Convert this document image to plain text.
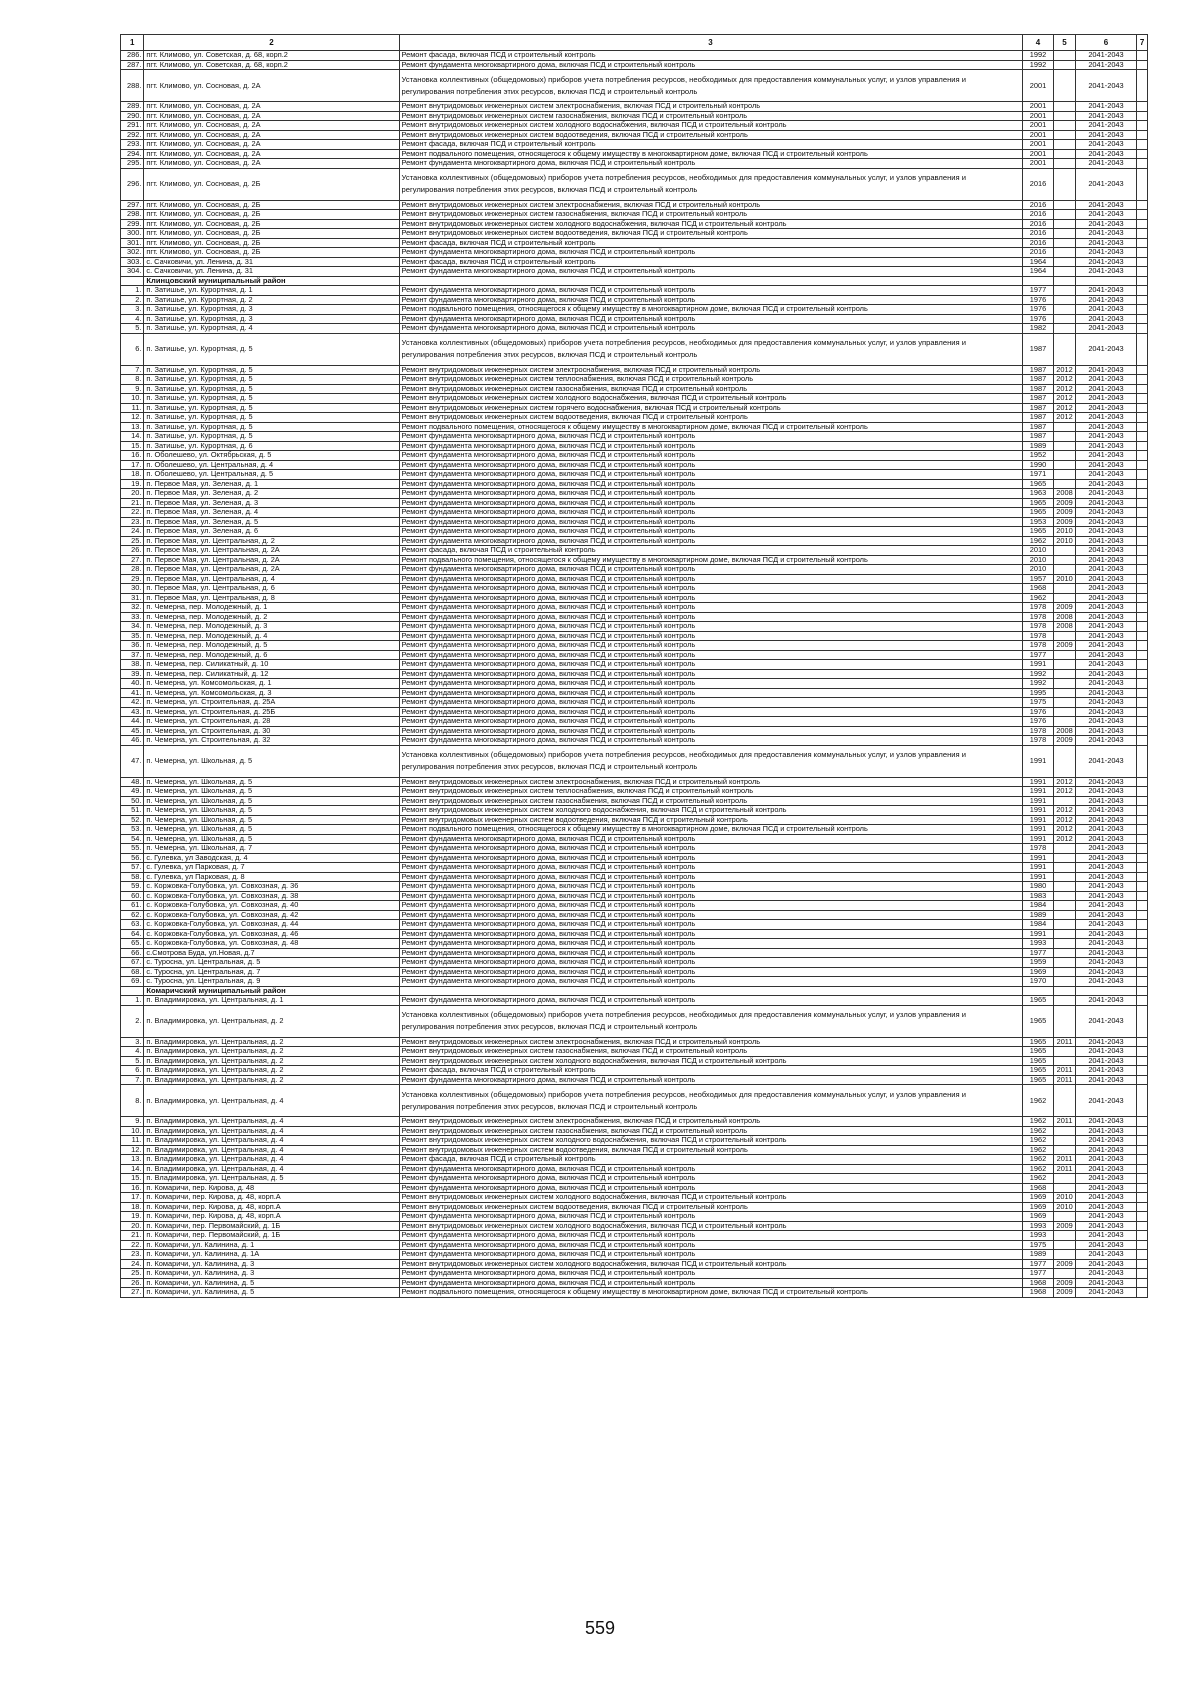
1	2	3	4	5	6	7
286.	пгт. Климово, ул. Советская, д. 68, корп.2	Ремонт фасада, включая ПСД и строительный контроль	1992		2041-2043	
287.	пгт. Климово, ул. Советская, д. 68, корп.2	Ремонт фундамента многоквартирного дома, включая ПСД и строительный контроль	1992		2041-2043	
288.	пгт. Климово, ул. Сосновая, д. 2А	Установка коллективных (общедомовых) приборов учета потребления ресурсов, необходимых для предоставления коммунальных услуг, и узлов управления и регулирования потребления этих ресурсов, включая ПСД и строительный контроль	2001		2041-2043	
289.	пгт. Климово, ул. Сосновая, д. 2А	Ремонт внутридомовых инженерных систем электроснабжения, включая ПСД и строительный контроль	2001		2041-2043	
290.	пгт. Климово, ул. Сосновая, д. 2А	Ремонт внутридомовых инженерных систем газоснабжения, включая ПСД и строительный контроль	2001		2041-2043	
291.	пгт. Климово, ул. Сосновая, д. 2А	Ремонт внутридомовых инженерных систем холодного водоснабжения, включая ПСД и строительный контроль	2001		2041-2043	
292.	пгт. Климово, ул. Сосновая, д. 2А	Ремонт внутридомовых инженерных систем водоотведения, включая ПСД и строительный контроль	2001		2041-2043	
293.	пгт. Климово, ул. Сосновая, д. 2А	Ремонт фасада, включая ПСД и строительный контроль	2001		2041-2043	
294.	пгт. Климово, ул. Сосновая, д. 2А	Ремонт подвального помещения, относящегося к общему имуществу в многоквартирном доме, включая ПСД и строительный контроль	2001		2041-2043	
295.	пгт. Климово, ул. Сосновая, д. 2А	Ремонт фундамента многоквартирного дома, включая ПСД и строительный контроль	2001		2041-2043	
296.	пгт. Климово, ул. Сосновая, д. 2Б	Установка коллективных (общедомовых) приборов учета потребления ресурсов, необходимых для предоставления коммунальных услуг, и узлов управления и регулирования потребления этих ресурсов, включая ПСД и строительный контроль	2016		2041-2043	
297.	пгт. Климово, ул. Сосновая, д. 2Б	Ремонт внутридомовых инженерных систем электроснабжения, включая ПСД и строительный контроль	2016		2041-2043	
298.	пгт. Климово, ул. Сосновая, д. 2Б	Ремонт внутридомовых инженерных систем газоснабжения, включая ПСД и строительный контроль	2016		2041-2043	
299.	пгт. Климово, ул. Сосновая, д. 2Б	Ремонт внутридомовых инженерных систем холодного водоснабжения, включая ПСД и строительный контроль	2016		2041-2043	
300.	пгт. Климово, ул. Сосновая, д. 2Б	Ремонт внутридомовых инженерных систем водоотведения, включая ПСД и строительный контроль	2016		2041-2043	
301.	пгт. Климово, ул. Сосновая, д. 2Б	Ремонт фасада, включая ПСД и строительный контроль	2016		2041-2043	
302.	пгт. Климово, ул. Сосновая, д. 2Б	Ремонт фундамента многоквартирного дома, включая ПСД и строительный контроль	2016		2041-2043	
303.	с. Сачковичи, ул. Ленина, д. 31	Ремонт фасада, включая ПСД и строительный контроль	1964		2041-2043	
304.	с. Сачковичи, ул. Ленина, д. 31	Ремонт фундамента многоквартирного дома, включая ПСД и строительный контроль	1964		2041-2043	
	Клинцовский муниципальный район					
1.	п. Затишье, ул. Курортная, д. 1	Ремонт фундамента многоквартирного дома, включая ПСД и строительный контроль	1977		2041-2043	
2.	п. Затишье, ул. Курортная, д. 2	Ремонт фундамента многоквартирного дома, включая ПСД и строительный контроль	1976		2041-2043	
3.	п. Затишье, ул. Курортная, д. 3	Ремонт подвального помещения, относящегося к общему имуществу в многоквартирном доме, включая ПСД и строительный контроль	1976		2041-2043	
4.	п. Затишье, ул. Курортная, д. 3	Ремонт фундамента многоквартирного дома, включая ПСД и строительный контроль	1976		2041-2043	
5.	п. Затишье, ул. Курортная, д. 4	Ремонт фундамента многоквартирного дома, включая ПСД и строительный контроль	1982		2041-2043	
6.	п. Затишье, ул. Курортная, д. 5	Установка коллективных (общедомовых) приборов учета потребления ресурсов, необходимых для предоставления коммунальных услуг, и узлов управления и регулирования потребления этих ресурсов, включая ПСД и строительный контроль	1987		2041-2043	
7.	п. Затишье, ул. Курортная, д. 5	Ремонт внутридомовых инженерных систем электроснабжения, включая ПСД и строительный контроль	1987	2012	2041-2043	
8.	п. Затишье, ул. Курортная, д. 5	Ремонт внутридомовых инженерных систем теплоснабжения, включая ПСД и строительный контроль	1987	2012	2041-2043	
9.	п. Затишье, ул. Курортная, д. 5	Ремонт внутридомовых инженерных систем газоснабжения, включая ПСД и строительный контроль	1987	2012	2041-2043	
10.	п. Затишье, ул. Курортная, д. 5	Ремонт внутридомовых инженерных систем холодного водоснабжения, включая ПСД и строительный контроль	1987	2012	2041-2043	
11.	п. Затишье, ул. Курортная, д. 5	Ремонт внутридомовых инженерных систем горячего водоснабжения, включая ПСД и строительный контроль	1987	2012	2041-2043	
12.	п. Затишье, ул. Курортная, д. 5	Ремонт внутридомовых инженерных систем водоотведения, включая ПСД и строительный контроль	1987	2012	2041-2043	
13.	п. Затишье, ул. Курортная, д. 5	Ремонт подвального помещения, относящегося к общему имуществу в многоквартирном доме, включая ПСД и строительный контроль	1987		2041-2043	
14.	п. Затишье, ул. Курортная, д. 5	Ремонт фундамента многоквартирного дома, включая ПСД и строительный контроль	1987		2041-2043	
15.	п. Затишье, ул. Курортная, д. 6	Ремонт фундамента многоквартирного дома, включая ПСД и строительный контроль	1989		2041-2043	
16.	п. Оболешево, ул. Октябрьская, д. 5	Ремонт фундамента многоквартирного дома, включая ПСД и строительный контроль	1952		2041-2043	
17.	п. Оболешево, ул. Центральная, д. 4	Ремонт фундамента многоквартирного дома, включая ПСД и строительный контроль	1990		2041-2043	
18.	п. Оболешево, ул. Центральная, д. 5	Ремонт фундамента многоквартирного дома, включая ПСД и строительный контроль	1971		2041-2043	
19.	п. Первое Мая, ул. Зеленая, д. 1	Ремонт фундамента многоквартирного дома, включая ПСД и строительный контроль	1965		2041-2043	
20.	п. Первое Мая, ул. Зеленая, д. 2	Ремонт фундамента многоквартирного дома, включая ПСД и строительный контроль	1963	2008	2041-2043	
21.	п. Первое Мая, ул. Зеленая, д. 3	Ремонт фундамента многоквартирного дома, включая ПСД и строительный контроль	1965	2009	2041-2043	
22.	п. Первое Мая, ул. Зеленая, д. 4	Ремонт фундамента многоквартирного дома, включая ПСД и строительный контроль	1965	2009	2041-2043	
23.	п. Первое Мая, ул. Зеленая, д. 5	Ремонт фундамента многоквартирного дома, включая ПСД и строительный контроль	1953	2009	2041-2043	
24.	п. Первое Мая, ул. Зеленая, д. 6	Ремонт фундамента многоквартирного дома, включая ПСД и строительный контроль	1965	2010	2041-2043	
25.	п. Первое Мая, ул. Центральная, д. 2	Ремонт фундамента многоквартирного дома, включая ПСД и строительный контроль	1962	2010	2041-2043	
26.	п. Первое Мая, ул. Центральная, д. 2А	Ремонт фасада, включая ПСД и строительный контроль	2010		2041-2043	
27.	п. Первое Мая, ул. Центральная, д. 2А	Ремонт подвального помещения, относящегося к общему имуществу в многоквартирном доме, включая ПСД и строительный контроль	2010		2041-2043	
28.	п. Первое Мая, ул. Центральная, д. 2А	Ремонт фундамента многоквартирного дома, включая ПСД и строительный контроль	2010		2041-2043	
29.	п. Первое Мая, ул. Центральная, д. 4	Ремонт фундамента многоквартирного дома, включая ПСД и строительный контроль	1957	2010	2041-2043	
30.	п. Первое Мая, ул. Центральная, д. 6	Ремонт фундамента многоквартирного дома, включая ПСД и строительный контроль	1968		2041-2043	
31.	п. Первое Мая, ул. Центральная, д. 8	Ремонт фундамента многоквартирного дома, включая ПСД и строительный контроль	1962		2041-2043	
32.	п. Чемерна, пер. Молодежный, д. 1	Ремонт фундамента многоквартирного дома, включая ПСД и строительный контроль	1978	2009	2041-2043	
33.	п. Чемерна, пер. Молодежный, д. 2	Ремонт фундамента многоквартирного дома, включая ПСД и строительный контроль	1978	2008	2041-2043	
34.	п. Чемерна, пер. Молодежный, д. 3	Ремонт фундамента многоквартирного дома, включая ПСД и строительный контроль	1978	2008	2041-2043	
35.	п. Чемерна, пер. Молодежный, д. 4	Ремонт фундамента многоквартирного дома, включая ПСД и строительный контроль	1978		2041-2043	
36.	п. Чемерна, пер. Молодежный, д. 5	Ремонт фундамента многоквартирного дома, включая ПСД и строительный контроль	1978	2009	2041-2043	
37.	п. Чемерна, пер. Молодежный, д. 6	Ремонт фундамента многоквартирного дома, включая ПСД и строительный контроль	1977		2041-2043	
38.	п. Чемерна, пер. Силикатный, д. 10	Ремонт фундамента многоквартирного дома, включая ПСД и строительный контроль	1991		2041-2043	
39.	п. Чемерна, пер. Силикатный, д. 12	Ремонт фундамента многоквартирного дома, включая ПСД и строительный контроль	1992		2041-2043	
40.	п. Чемерна, ул. Комсомольская, д. 1	Ремонт фундамента многоквартирного дома, включая ПСД и строительный контроль	1992		2041-2043	
41.	п. Чемерна, ул. Комсомольская, д. 3	Ремонт фундамента многоквартирного дома, включая ПСД и строительный контроль	1995		2041-2043	
42.	п. Чемерна, ул. Строительная, д. 25А	Ремонт фундамента многоквартирного дома, включая ПСД и строительный контроль	1975		2041-2043	
43.	п. Чемерна, ул. Строительная, д. 25Б	Ремонт фундамента многоквартирного дома, включая ПСД и строительный контроль	1976		2041-2043	
44.	п. Чемерна, ул. Строительная, д. 28	Ремонт фундамента многоквартирного дома, включая ПСД и строительный контроль	1976		2041-2043	
45.	п. Чемерна, ул. Строительная, д. 30	Ремонт фундамента многоквартирного дома, включая ПСД и строительный контроль	1978	2008	2041-2043	
46.	п. Чемерна, ул. Строительная, д. 32	Ремонт фундамента многоквартирного дома, включая ПСД и строительный контроль	1978	2009	2041-2043	
47.	п. Чемерна, ул. Школьная, д. 5	Установка коллективных (общедомовых) приборов учета потребления ресурсов, необходимых для предоставления коммунальных услуг, и узлов управления и регулирования потребления этих ресурсов, включая ПСД и строительный контроль	1991		2041-2043	
48.	п. Чемерна, ул. Школьная, д. 5	Ремонт внутридомовых инженерных систем электроснабжения, включая ПСД и строительный контроль	1991	2012	2041-2043	
49.	п. Чемерна, ул. Школьная, д. 5	Ремонт внутридомовых инженерных систем теплоснабжения, включая ПСД и строительный контроль	1991	2012	2041-2043	
50.	п. Чемерна, ул. Школьная, д. 5	Ремонт внутридомовых инженерных систем газоснабжения, включая ПСД и строительный контроль	1991		2041-2043	
51.	п. Чемерна, ул. Школьная, д. 5	Ремонт внутридомовых инженерных систем холодного водоснабжения, включая ПСД и строительный контроль	1991	2012	2041-2043	
52.	п. Чемерна, ул. Школьная, д. 5	Ремонт внутридомовых инженерных систем водоотведения, включая ПСД и строительный контроль	1991	2012	2041-2043	
53.	п. Чемерна, ул. Школьная, д. 5	Ремонт подвального помещения, относящегося к общему имуществу в многоквартирном доме, включая ПСД и строительный контроль	1991	2012	2041-2043	
54.	п. Чемерна, ул. Школьная, д. 5	Ремонт фундамента многоквартирного дома, включая ПСД и строительный контроль	1991	2012	2041-2043	
55.	п. Чемерна, ул. Школьная, д. 7	Ремонт фундамента многоквартирного дома, включая ПСД и строительный контроль	1978		2041-2043	
56.	с. Гулевка, ул Заводская, д. 4	Ремонт фундамента многоквартирного дома, включая ПСД и строительный контроль	1991		2041-2043	
57.	с. Гулевка, ул Парковая, д. 7	Ремонт фундамента многоквартирного дома, включая ПСД и строительный контроль	1991		2041-2043	
58.	с. Гулевка, ул Парковая, д. 8	Ремонт фундамента многоквартирного дома, включая ПСД и строительный контроль	1991		2041-2043	
59.	с. Коржовка-Голубовка, ул. Совхозная, д. 36	Ремонт фундамента многоквартирного дома, включая ПСД и строительный контроль	1980		2041-2043	
60.	с. Коржовка-Голубовка, ул. Совхозная, д. 38	Ремонт фундамента многоквартирного дома, включая ПСД и строительный контроль	1983		2041-2043	
61.	с. Коржовка-Голубовка, ул. Совхозная, д. 40	Ремонт фундамента многоквартирного дома, включая ПСД и строительный контроль	1984		2041-2043	
62.	с. Коржовка-Голубовка, ул. Совхозная, д. 42	Ремонт фундамента многоквартирного дома, включая ПСД и строительный контроль	1989		2041-2043	
63.	с. Коржовка-Голубовка, ул. Совхозная, д. 44	Ремонт фундамента многоквартирного дома, включая ПСД и строительный контроль	1984		2041-2043	
64.	с. Коржовка-Голубовка, ул. Совхозная, д. 46	Ремонт фундамента многоквартирного дома, включая ПСД и строительный контроль	1991		2041-2043	
65.	с. Коржовка-Голубовка, ул. Совхозная, д. 48	Ремонт фундамента многоквартирного дома, включая ПСД и строительный контроль	1993		2041-2043	
66.	с.Смотрова Буда, ул.Новая, д.7	Ремонт фундамента многоквартирного дома, включая ПСД и строительный контроль	1977		2041-2043	
67.	с. Туросна, ул. Центральная, д. 5	Ремонт фундамента многоквартирного дома, включая ПСД и строительный контроль	1959		2041-2043	
68.	с. Туросна, ул. Центральная, д. 7	Ремонт фундамента многоквартирного дома, включая ПСД и строительный контроль	1969		2041-2043	
69.	с. Туросна, ул. Центральная, д. 9	Ремонт фундамента многоквартирного дома, включая ПСД и строительный контроль	1970		2041-2043	
	Комаричский муниципальный район					
1.	п. Владимировка, ул. Центральная, д. 1	Ремонт фундамента многоквартирного дома, включая ПСД и строительный контроль	1965		2041-2043	
2.	п. Владимировка, ул. Центральная, д. 2	Установка коллективных (общедомовых) приборов учета потребления ресурсов, необходимых для предоставления коммунальных услуг, и узлов управления и регулирования потребления этих ресурсов, включая ПСД и строительный контроль	1965		2041-2043	
3.	п. Владимировка, ул. Центральная, д. 2	Ремонт внутридомовых инженерных систем электроснабжения, включая ПСД и строительный контроль	1965	2011	2041-2043	
4.	п. Владимировка, ул. Центральная, д. 2	Ремонт внутридомовых инженерных систем газоснабжения, включая ПСД и строительный контроль	1965		2041-2043	
5.	п. Владимировка, ул. Центральная, д. 2	Ремонт внутридомовых инженерных систем холодного водоснабжения, включая ПСД и строительный контроль	1965		2041-2043	
6.	п. Владимировка, ул. Центральная, д. 2	Ремонт фасада, включая ПСД и строительный контроль	1965	2011	2041-2043	
7.	п. Владимировка, ул. Центральная, д. 2	Ремонт фундамента многоквартирного дома, включая ПСД и строительный контроль	1965	2011	2041-2043	
8.	п. Владимировка, ул. Центральная, д. 4	Установка коллективных (общедомовых) приборов учета потребления ресурсов, необходимых для предоставления коммунальных услуг, и узлов управления и регулирования потребления этих ресурсов, включая ПСД и строительный контроль	1962		2041-2043	
9.	п. Владимировка, ул. Центральная, д. 4	Ремонт внутридомовых инженерных систем электроснабжения, включая ПСД и строительный контроль	1962	2011	2041-2043	
10.	п. Владимировка, ул. Центральная, д. 4	Ремонт внутридомовых инженерных систем газоснабжения, включая ПСД и строительный контроль	1962		2041-2043	
11.	п. Владимировка, ул. Центральная, д. 4	Ремонт внутридомовых инженерных систем холодного водоснабжения, включая ПСД и строительный контроль	1962		2041-2043	
12.	п. Владимировка, ул. Центральная, д. 4	Ремонт внутридомовых инженерных систем водоотведения, включая ПСД и строительный контроль	1962		2041-2043	
13.	п. Владимировка, ул. Центральная, д. 4	Ремонт фасада, включая ПСД и строительный контроль	1962	2011	2041-2043	
14.	п. Владимировка, ул. Центральная, д. 4	Ремонт фундамента многоквартирного дома, включая ПСД и строительный контроль	1962	2011	2041-2043	
15.	п. Владимировка, ул. Центральная, д. 5	Ремонт фундамента многоквартирного дома, включая ПСД и строительный контроль	1962		2041-2043	
16.	п. Комаричи, пер. Кирова, д. 48	Ремонт фундамента многоквартирного дома, включая ПСД и строительный контроль	1968		2041-2043	
17.	п. Комаричи, пер. Кирова, д. 48, корп.А	Ремонт внутридомовых инженерных систем холодного водоснабжения, включая ПСД и строительный контроль	1969	2010	2041-2043	
18.	п. Комаричи, пер. Кирова, д. 48, корп.А	Ремонт внутридомовых инженерных систем водоотведения, включая ПСД и строительный контроль	1969	2010	2041-2043	
19.	п. Комаричи, пер. Кирова, д. 48, корп.А	Ремонт фундамента многоквартирного дома, включая ПСД и строительный контроль	1969		2041-2043	
20.	п. Комаричи, пер. Первомайский, д. 1Б	Ремонт внутридомовых инженерных систем холодного водоснабжения, включая ПСД и строительный контроль	1993	2009	2041-2043	
21.	п. Комаричи, пер. Первомайский, д. 1Б	Ремонт фундамента многоквартирного дома, включая ПСД и строительный контроль	1993		2041-2043	
22.	п. Комаричи, ул. Калинина, д. 1	Ремонт фундамента многоквартирного дома, включая ПСД и строительный контроль	1975		2041-2043	
23.	п. Комаричи, ул. Калинина, д. 1А	Ремонт фундамента многоквартирного дома, включая ПСД и строительный контроль	1989		2041-2043	
24.	п. Комаричи, ул. Калинина, д. 3	Ремонт внутридомовых инженерных систем холодного водоснабжения, включая ПСД и строительный контроль	1977	2009	2041-2043	
25.	п. Комаричи, ул. Калинина, д. 3	Ремонт фундамента многоквартирного дома, включая ПСД и строительный контроль	1977		2041-2043	
26.	п. Комаричи, ул. Калинина, д. 5	Ремонт фундамента многоквартирного дома, включая ПСД и строительный контроль	1968	2009	2041-2043	
27.	п. Комаричи, ул. Калинина, д. 5	Ремонт подвального помещения, относящегося к общему имуществу в многоквартирном доме, включая ПСД и строительный контроль	1968	2009	2041-2043	
559
